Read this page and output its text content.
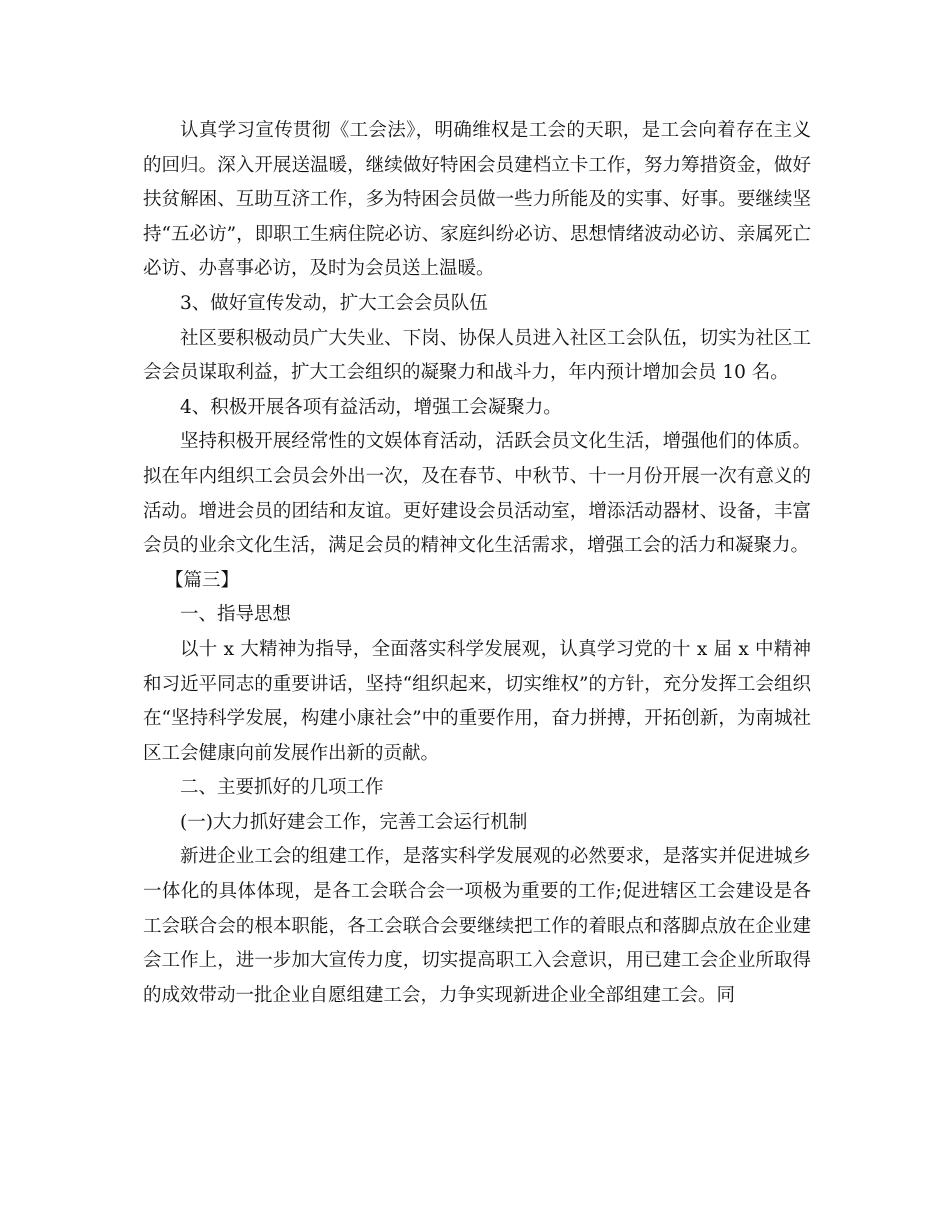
认真学习宣传贯彻《工会法》，明确维权是工会的天职，是工会向着存在主义的回归。深入开展送温暖，继续做好特困会员建档立卡工作，努力筹措资金，做好扶贫解困、互助互济工作，多为特困会员做一些力所能及的实事、好事。要继续坚持“五必访”，即职工生病住院必访、家庭纠纷必访、思想情绪波动必访、亲属死亡必访、办喜事必访，及时为会员送上温暖。

3、做好宣传发动，扩大工会会员队伍

社区要积极动员广大失业、下岗、协保人员进入社区工会队伍，切实为社区工会会员谋取利益，扩大工会组织的凝聚力和战斗力，年内预计增加会员 10 名。

4、积极开展各项有益活动，增强工会凝聚力。

坚持积极开展经常性的文娱体育活动，活跃会员文化生活，增强他们的体质。拟在年内组织工会员会外出一次，及在春节、中秋节、十一月份开展一次有意义的活动。增进会员的团结和友谊。更好建设会员活动室，增添活动器材、设备，丰富会员的业余文化生活，满足会员的精神文化生活需求，增强工会的活力和凝聚力。

【篇三】

一、指导思想

以十 x 大精神为指导，全面落实科学发展观，认真学习党的十 x 届 x 中精神和习近平同志的重要讲话，坚持“组织起来，切实维权”的方针，充分发挥工会组织在“坚持科学发展，构建小康社会”中的重要作用，奋力拼搏，开拓创新，为南城社区工会健康向前发展作出新的贡献。

二、主要抓好的几项工作

(一)大力抓好建会工作，完善工会运行机制

新进企业工会的组建工作，是落实科学发展观的必然要求，是落实并促进城乡一体化的具体体现，是各工会联合会一项极为重要的工作;促进辖区工会建设是各工会联合会的根本职能，各工会联合会要继续把工作的着眼点和落脚点放在企业建会工作上，进一步加大宣传力度，切实提高职工入会意识，用已建工会企业所取得的成效带动一批企业自愿组建工会，力争实现新进企业全部组建工会。同
